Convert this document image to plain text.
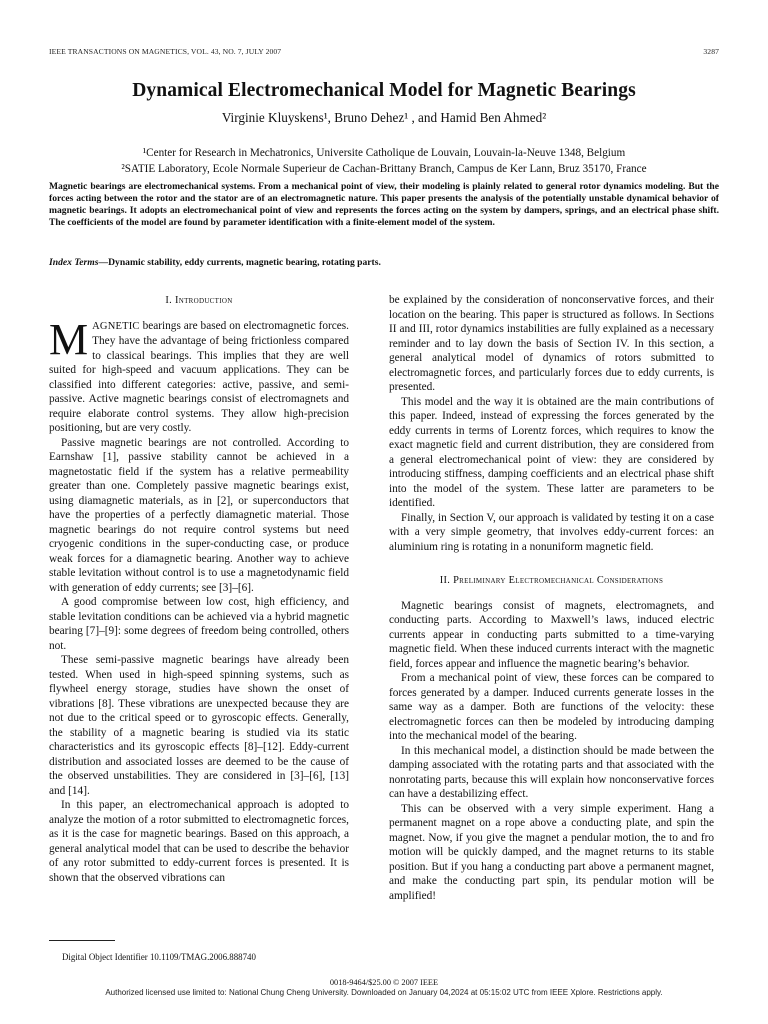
IEEE TRANSACTIONS ON MAGNETICS, VOL. 43, NO. 7, JULY 2007	3287
Dynamical Electromechanical Model for Magnetic Bearings
Virginie Kluyskens¹, Bruno Dehez¹ , and Hamid Ben Ahmed²
¹Center for Research in Mechatronics, Universite Catholique de Louvain, Louvain-la-Neuve 1348, Belgium
²SATIE Laboratory, Ecole Normale Superieur de Cachan-Brittany Branch, Campus de Ker Lann, Bruz 35170, France
Magnetic bearings are electromechanical systems. From a mechanical point of view, their modeling is plainly related to general rotor dynamics modeling. But the forces acting between the rotor and the stator are of an electromagnetic nature. This paper presents the analysis of the potentially unstable dynamical behavior of magnetic bearings. It adopts an electromechanical point of view and represents the forces acting on the system by dampers, springs, and an electrical phase shift. The coefficients of the model are found by parameter identification with a finite-element model of the system.
Index Terms—Dynamic stability, eddy currents, magnetic bearing, rotating parts.
I. Introduction

MAGNETIC bearings are based on electromagnetic forces. They have the advantage of being frictionless compared to classical bearings. This implies that they are well suited for high-speed and vacuum applications. They can be classified into different categories: active, passive, and semi-passive. Active magnetic bearings consist of electromagnets and require elaborate control systems. They allow high-precision positioning, but are very costly.

Passive magnetic bearings are not controlled. According to Earnshaw [1], passive stability cannot be achieved in a magnetostatic field if the system has a relative permeability greater than one. Completely passive magnetic bearings exist, using diamagnetic materials, as in [2], or superconductors that have the properties of a perfectly diamagnetic material. Those magnetic bearings do not require control systems but need cryogenic conditions in the super-conducting case, or produce weak forces for a diamagnetic bearing. Another way to achieve stable levitation without control is to use a magnetodynamic field with generation of eddy currents; see [3]–[6].

A good compromise between low cost, high efficiency, and stable levitation conditions can be achieved via a hybrid magnetic bearing [7]–[9]: some degrees of freedom being controlled, others not.

These semi-passive magnetic bearings have already been tested. When used in high-speed spinning systems, such as flywheel energy storage, studies have shown the onset of vibrations [8]. These vibrations are unexpected because they are not due to the critical speed or to gyroscopic effects. Generally, the stability of a magnetic bearing is studied via its static characteristics and its gyroscopic effects [8]–[12]. Eddy-current distribution and associated losses are deemed to be the cause of the observed unstabilities. They are considered in [3]–[6], [13] and [14].

In this paper, an electromechanical approach is adopted to analyze the motion of a rotor submitted to electromagnetic forces, as it is the case for magnetic bearings. Based on this approach, a general analytical model that can be used to describe the behavior of any rotor submitted to eddy-current forces is presented. It is shown that the observed vibrations can

be explained by the consideration of nonconservative forces, and their location on the bearing. This paper is structured as follows. In Sections II and III, rotor dynamics instabilities are fully explained as a necessary reminder and to lay down the basis of Section IV. In this section, a general analytical model of dynamics of rotors submitted to electromagnetic forces, and particularly forces due to eddy currents, is presented.

This model and the way it is obtained are the main contributions of this paper. Indeed, instead of expressing the forces generated by the eddy currents in terms of Lorentz forces, which requires to know the exact magnetic field and current distribution, they are considered from a general electromechanical point of view: they are considered by introducing stiffness, damping coefficients and an electrical phase shift into the model of the system. These latter are parameters to be identified.

Finally, in Section V, our approach is validated by testing it on a case with a very simple geometry, that involves eddy-current forces: an aluminium ring is rotating in a nonuniform magnetic field.

II. Preliminary Electromechanical Considerations

Magnetic bearings consist of magnets, electromagnets, and conducting parts. According to Maxwell’s laws, induced electric currents appear in conducting parts submitted to a time-varying magnetic field. When these induced currents interact with the magnetic field, forces appear and influence the magnetic bearing’s behavior.

From a mechanical point of view, these forces can be compared to forces generated by a damper. Induced currents generate losses in the same way as a damper. Both are functions of the velocity: these electromagnetic forces can then be modeled by introducing damping into the mechanical model of the bearing.

In this mechanical model, a distinction should be made between the damping associated with the rotating parts and that associated with the nonrotating parts, because this will explain how nonconservative forces can have a destabilizing effect.

This can be observed with a very simple experiment. Hang a permanent magnet on a rope above a conducting plate, and spin the magnet. Now, if you give the magnet a pendular motion, the to and fro motion will be quickly damped, and the magnet returns to its stable position. But if you hang a conducting part above a permanent magnet, and make the conducting part spin, its pendular motion will be amplified!

Digital Object Identifier 10.1109/TMAG.2006.888740
0018-9464/$25.00 © 2007 IEEE
Authorized licensed use limited to: National Chung Cheng University. Downloaded on January 04,2024 at 05:15:02 UTC from IEEE Xplore. Restrictions apply.
